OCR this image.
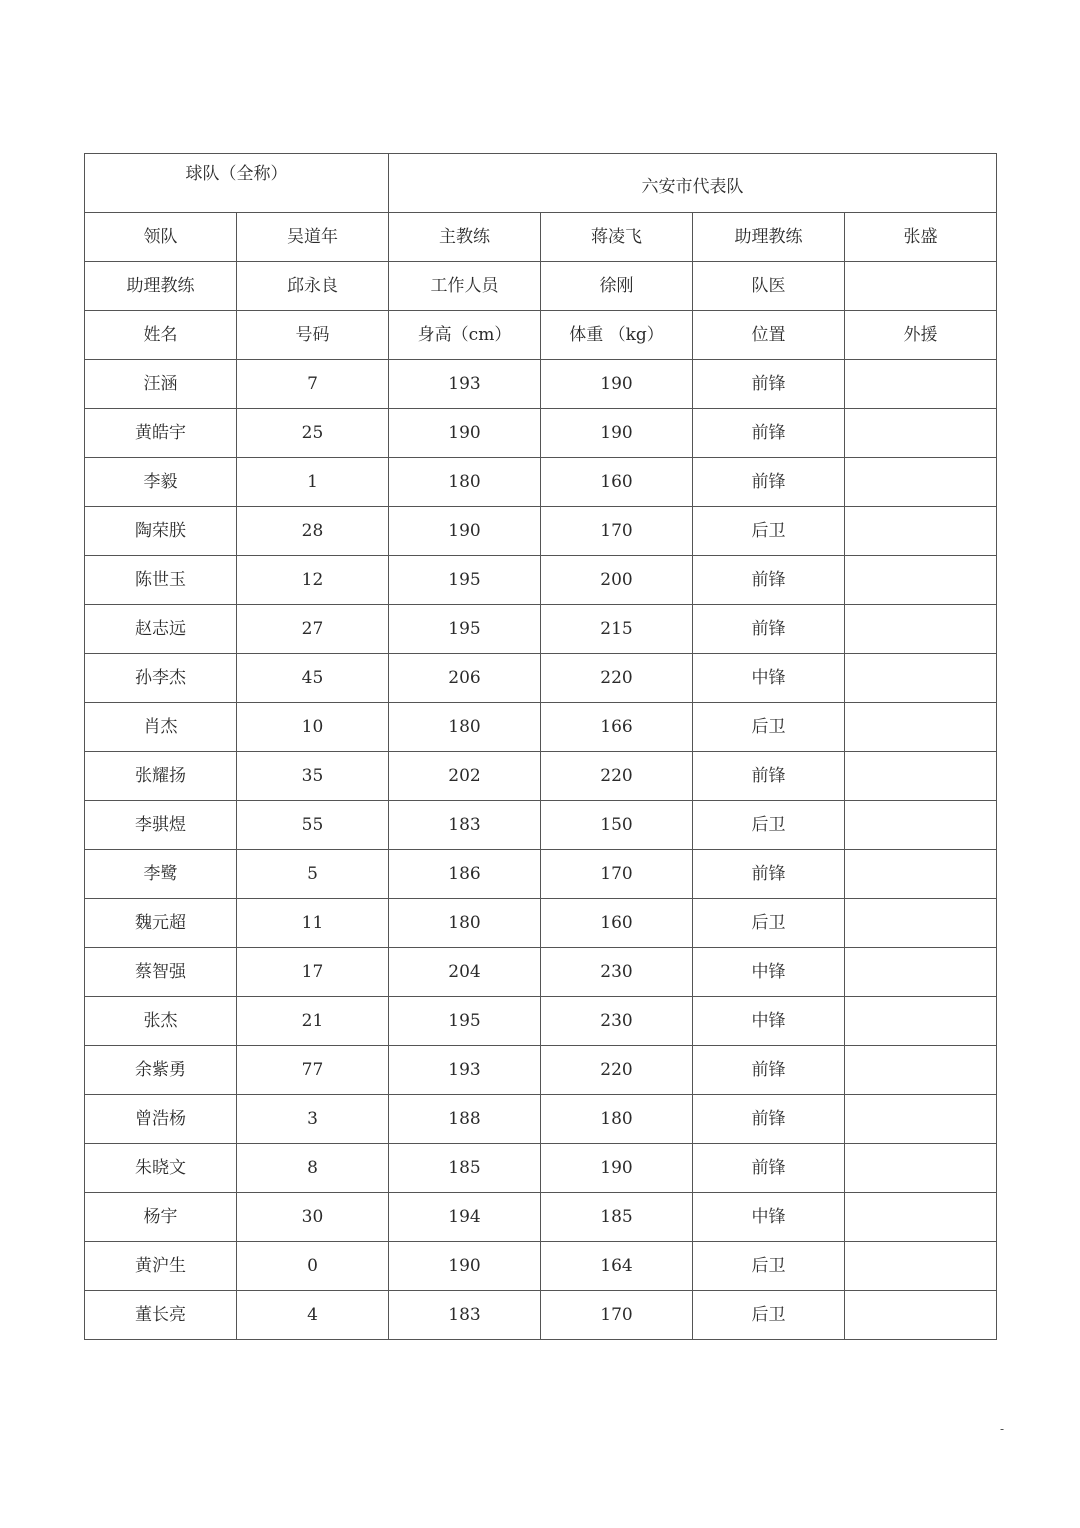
球队（全称）		六安市代表队			
领队	吴道年	主教练	蒋凌飞	助理教练	张盛
助理教练	邱永良	工作人员	徐刚	队医	
姓名	号码	身高（cm）	体重 （kg）	位置	外援
汪涵	7	193	190	前锋	
黄皓宇	25	190	190	前锋	
李毅	1	180	160	前锋	
陶荣朕	28	190	170	后卫	
陈世玉	12	195	200	前锋	
赵志远	27	195	215	前锋	
孙李杰	45	206	220	中锋	
肖杰	10	180	166	后卫	
张耀扬	35	202	220	前锋	
李骐煜	55	183	150	后卫	
李鹭	5	186	170	前锋	
魏元超	11	180	160	后卫	
蔡智强	17	204	230	中锋	
张杰	21	195	230	中锋	
余紫勇	77	193	220	前锋	
曾浩杨	3	188	180	前锋	
朱晓文	8	185	190	前锋	
杨宇	30	194	185	中锋	
黄沪生	0	190	164	后卫	
董长亮	4	183	170	后卫	
-
